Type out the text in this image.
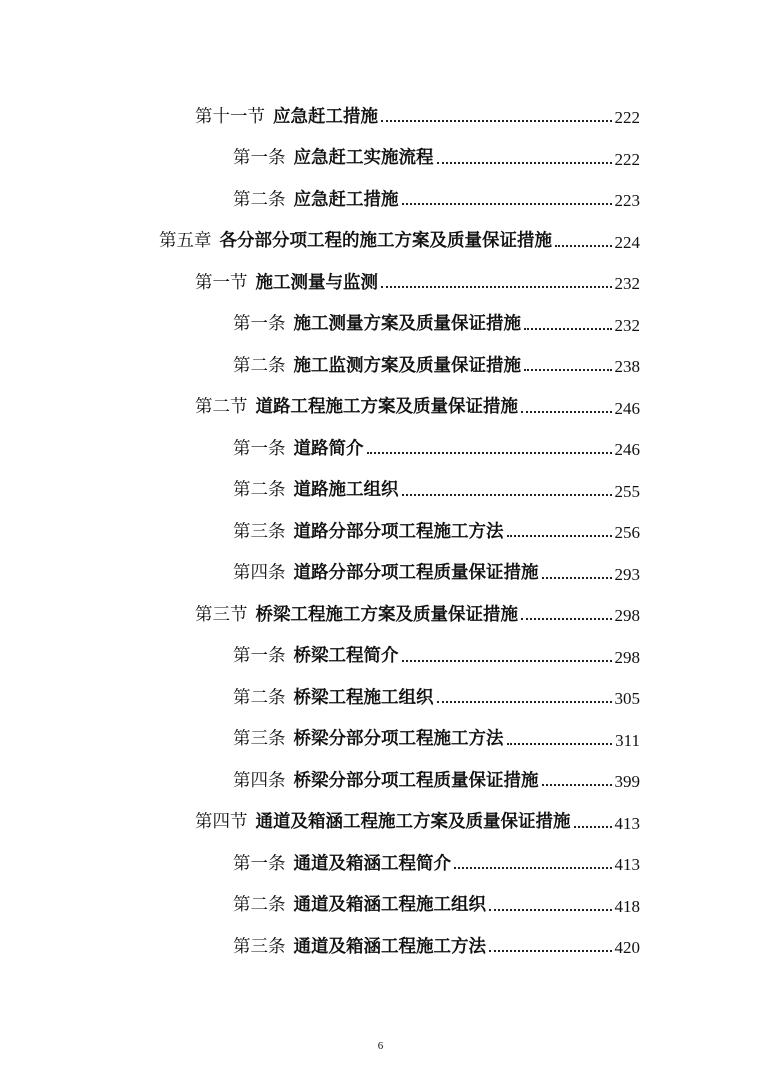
第十一节 应急赶工措施	222
第一条 应急赶工实施流程	222
第二条 应急赶工措施	223
第五章 各分部分项工程的施工方案及质量保证措施	224
第一节 施工测量与监测	232
第一条 施工测量方案及质量保证措施	232
第二条 施工监测方案及质量保证措施	238
第二节 道路工程施工方案及质量保证措施	246
第一条 道路简介	246
第二条 道路施工组织	255
第三条 道路分部分项工程施工方法	256
第四条 道路分部分项工程质量保证措施	293
第三节 桥梁工程施工方案及质量保证措施	298
第一条 桥梁工程简介	298
第二条 桥梁工程施工组织	305
第三条 桥梁分部分项工程施工方法	311
第四条 桥梁分部分项工程质量保证措施	399
第四节 通道及箱涵工程施工方案及质量保证措施	413
第一条 通道及箱涵工程简介	413
第二条 通道及箱涵工程施工组织	418
第三条 通道及箱涵工程施工方法	420
6
